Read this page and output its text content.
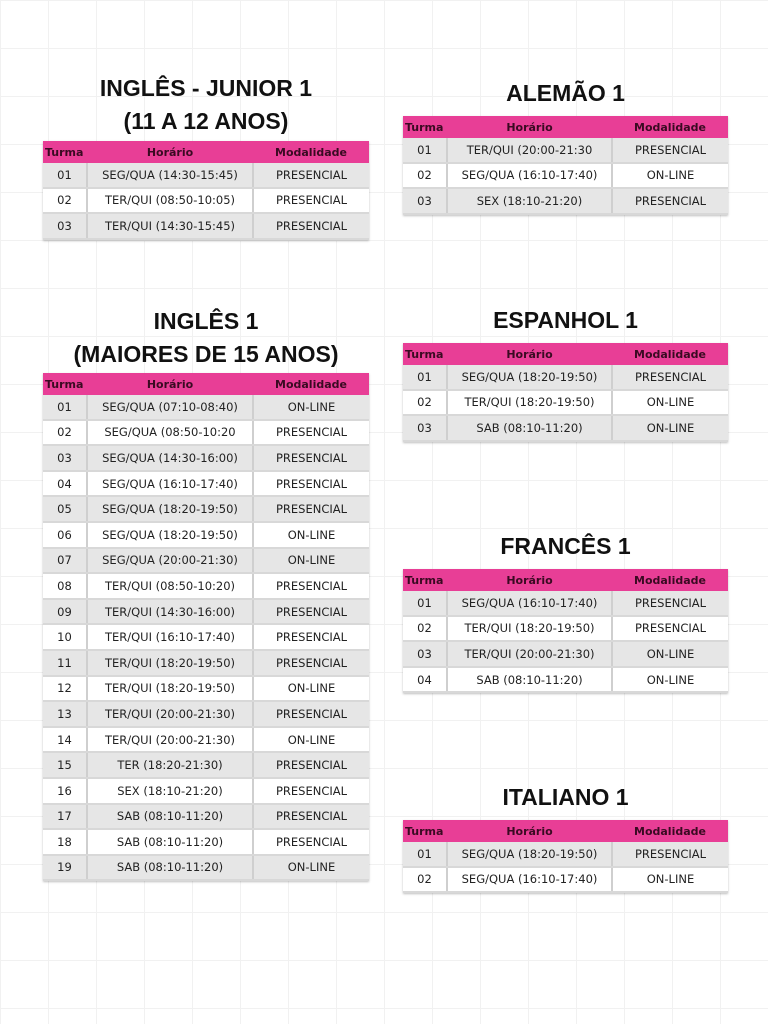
INGLÊS - JUNIOR 1
(11 A 12 ANOS)
Turma	Horário	Modalidade
01	SEG/QUA (14:30-15:45)	PRESENCIAL
02	TER/QUI (08:50-10:05)	PRESENCIAL
03	TER/QUI (14:30-15:45)	PRESENCIAL
INGLÊS 1
(MAIORES DE 15 ANOS)
Turma	Horário	Modalidade
01	SEG/QUA (07:10-08:40)	ON-LINE
02	SEG/QUA (08:50-10:20	PRESENCIAL
03	SEG/QUA (14:30-16:00)	PRESENCIAL
04	SEG/QUA (16:10-17:40)	PRESENCIAL
05	SEG/QUA (18:20-19:50)	PRESENCIAL
06	SEG/QUA (18:20-19:50)	ON-LINE
07	SEG/QUA (20:00-21:30)	ON-LINE
08	TER/QUI (08:50-10:20)	PRESENCIAL
09	TER/QUI (14:30-16:00)	PRESENCIAL
10	TER/QUI (16:10-17:40)	PRESENCIAL
11	TER/QUI (18:20-19:50)	PRESENCIAL
12	TER/QUI (18:20-19:50)	ON-LINE
13	TER/QUI (20:00-21:30)	PRESENCIAL
14	TER/QUI (20:00-21:30)	ON-LINE
15	TER (18:20-21:30)	PRESENCIAL
16	SEX (18:10-21:20)	PRESENCIAL
17	SAB (08:10-11:20)	PRESENCIAL
18	SAB (08:10-11:20)	PRESENCIAL
19	SAB (08:10-11:20)	ON-LINE
ALEMÃO 1
Turma	Horário	Modalidade
01	TER/QUI (20:00-21:30	PRESENCIAL
02	SEG/QUA (16:10-17:40)	ON-LINE
03	SEX (18:10-21:20)	PRESENCIAL
ESPANHOL 1
Turma	Horário	Modalidade
01	SEG/QUA (18:20-19:50)	PRESENCIAL
02	TER/QUI (18:20-19:50)	ON-LINE
03	SAB (08:10-11:20)	ON-LINE
FRANCÊS 1
Turma	Horário	Modalidade
01	SEG/QUA (16:10-17:40)	PRESENCIAL
02	TER/QUI (18:20-19:50)	PRESENCIAL
03	TER/QUI (20:00-21:30)	ON-LINE
04	SAB (08:10-11:20)	ON-LINE
ITALIANO 1
Turma	Horário	Modalidade
01	SEG/QUA (18:20-19:50)	PRESENCIAL
02	SEG/QUA (16:10-17:40)	ON-LINE
